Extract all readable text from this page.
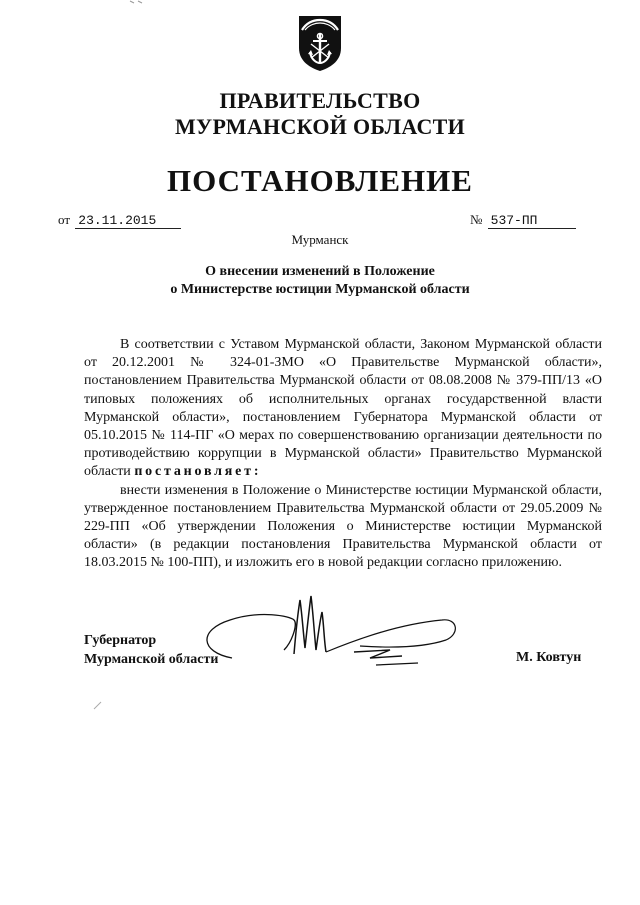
ПРАВИТЕЛЬСТВО
МУРМАНСКОЙ ОБЛАСТИ
ПОСТАНОВЛЕНИЕ
от 23.11.2015	№ 537-ПП
Мурманск
О внесении изменений в Положение
о Министерстве юстиции Мурманской области
В соответствии с Уставом Мурманской области, Законом Мурманской области от 20.12.2001 № 324-01-ЗМО «О Правительстве Мурманской области», постановлением Правительства Мурманской области от 08.08.2008 № 379-ПП/13 «О типовых положениях об исполнительных органах государственной власти Мурманской области», постановлением Губернатора Мурманской области от 05.10.2015 № 114-ПГ «О мерах по совершенствованию организации деятельности по противодействию коррупции в Мурманской области» Правительство Мурманской области постановляет:
внести изменения в Положение о Министерстве юстиции Мурманской области, утвержденное постановлением Правительства Мурманской области от 29.05.2009 № 229-ПП «Об утверждении Положения о Министерстве юстиции Мурманской области» (в редакции постановления Правительства Мурманской области от 18.03.2015 № 100-ПП), и изложить его в новой редакции согласно приложению.
Губернатор
Мурманской области	М. Ковтун
